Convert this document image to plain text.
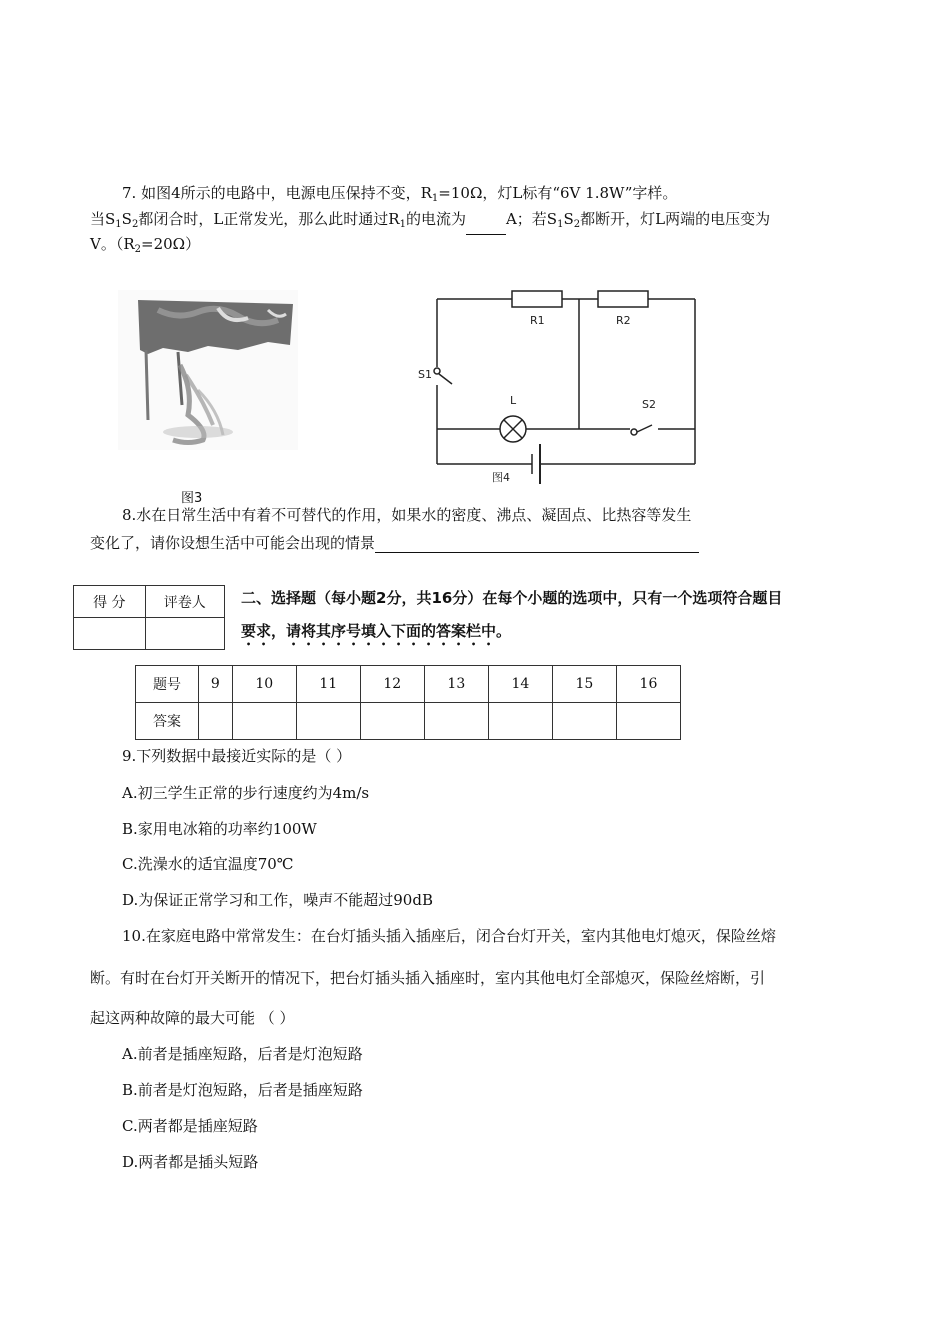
7. 如图4所示的电路中，电源电压保持不变，$R_1=10\Omega$，灯L标有“6V 1.8W”字样。
当$S_1S_2$都闭合时，L正常发光，那么此时通过$R_1$的电流为	A；若$S_1S_2$都断开，灯L两端的电压变为
V。$(R_2=20\Omega)$
图3
R1	R2
S1
S2
L
图4
8.水在日常生活中有着不可替代的作用，如果水的密度、沸点、凝固点、比热容等发生
变化了，请你设想生活中可能会出现的情景
得 分	评卷人
	二、选择题（每小题2分，共16分）在每个小题的选项中，只有一个选项符合题目
要求，请将其序号填入下面的答案栏中。
题号	9	10	11	12	13	14	15	16
答案								
9.下列数据中最接近实际的是（ ）
A.初三学生正常的步行速度约为4m/s
B.家用电冰箱的功率约100W
C.洗澡水的适宜温度70℃
D.为保证正常学习和工作，噪声不能超过90dB
10.在家庭电路中常常发生：在台灯插头插入插座后，闭合台灯开关，室内其他电灯熄灭，保险丝熔
断。有时在台灯开关断开的情况下，把台灯插头插入插座时，室内其他电灯全部熄灭，保险丝熔断，引
起这两种故障的最大可能 （ ）
A.前者是插座短路，后者是灯泡短路
B.前者是灯泡短路，后者是插座短路
C.两者都是插座短路
D.两者都是插头短路
